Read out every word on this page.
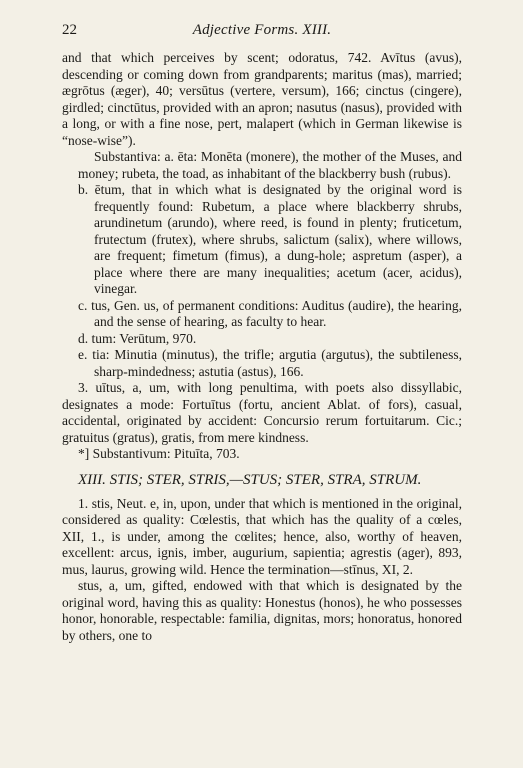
22	Adjective Forms. XIII.

and that which perceives by scent; odoratus, 742. Avītus (avus), descending or coming down from grandparents; maritus (mas), married; ægrōtus (æger), 40; versūtus (vertere, versum), 166; cinctus (cingere), girdled; cinctūtus, provided with an apron; nasutus (nasus), provided with a long, or with a fine nose, pert, malapert (which in German likewise is “nose-wise”).

Substantiva: a. ēta: Monēta (monere), the mother of the Muses, and money; rubeta, the toad, as inhabitant of the blackberry bush (rubus).

b. ētum, that in which what is designated by the original word is frequently found: Rubetum, a place where blackberry shrubs, arundinetum (arundo), where reed, is found in plenty; fruticetum, frutectum (frutex), where shrubs, salictum (salix), where willows, are frequent; fimetum (fimus), a dung-hole; aspretum (asper), a place where there are many inequalities; acetum (acer, acidus), vinegar.

c. tus, Gen. us, of permanent conditions: Auditus (audire), the hearing, and the sense of hearing, as faculty to hear.

d. tum: Verūtum, 970.

e. tia: Minutia (minutus), the trifle; argutia (argutus), the subtileness, sharp-mindedness; astutia (astus), 166.

3. uītus, a, um, with long penultima, with poets also dissyllabic, designates a mode: Fortuītus (fortu, ancient Ablat. of fors), casual, accidental, originated by accident: Concursio rerum fortuitarum. Cic.; gratuitus (gratus), gratis, from mere kindness.

*] Substantivum: Pituīta, 703.

XIII. STIS; STER, STRIS,—STUS; STER, STRA, STRUM.

1. stis, Neut. e, in, upon, under that which is mentioned in the original, considered as quality: Cœlestis, that which has the quality of a cœles, XII, 1., is under, among the cœlites; hence, also, worthy of heaven, excellent: arcus, ignis, imber, augurium, sapientia; agrestis (ager), 893, mus, laurus, growing wild. Hence the termination—stīnus, XI, 2.

stus, a, um, gifted, endowed with that which is designated by the original word, having this as quality: Honestus (honos), he who possesses honor, honorable, respectable: familia, dignitas, mors; honoratus, honored by others, one to
